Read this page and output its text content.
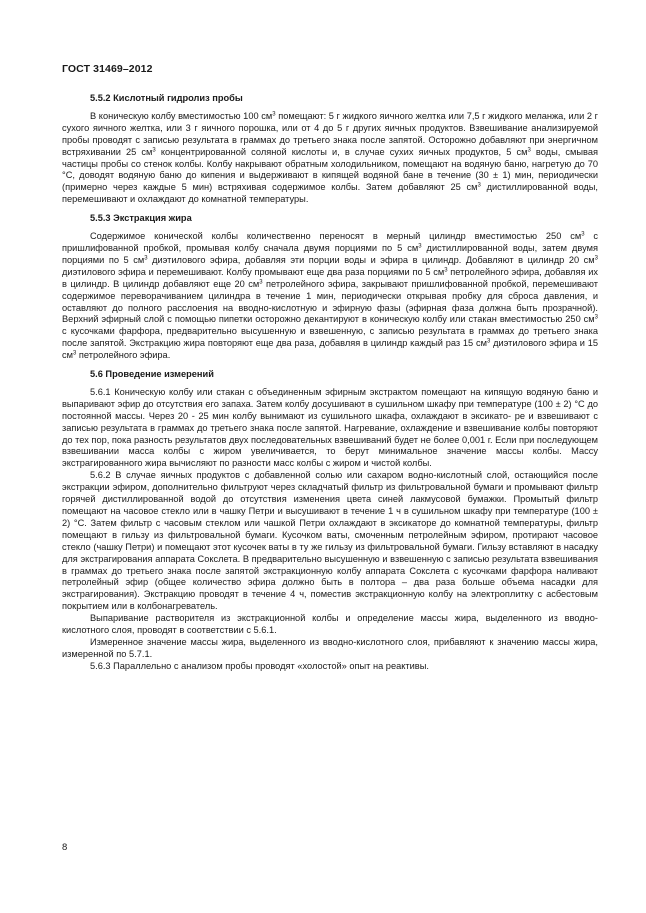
ГОСТ 31469–2012
5.5.2 Кислотный гидролиз пробы

В коническую колбу вместимостью 100 $см^3$ помещают: 5 г жидкого яичного желтка или 7,5 г жидкого меланжа, или 2 г сухого яичного желтка, или 3 г яичного порошка, или от 4 до 5 г других яичных продуктов. Взвешивание анализируемой пробы проводят с записью результата в граммах до третьего знака после запятой. Осторожно добавляют при энергичном встряхивании 25 $см^3$ концентрированной соляной кислоты и, в случае сухих яичных продуктов, 5 $см^3$ воды, смывая частицы пробы со стенок колбы. Колбу накрывают обратным холодильником, помещают на водяную баню, нагретую до 70 °С, доводят водяную баню до кипения и выдерживают в кипящей водяной бане в течение (30 ± 1) мин, периодически (примерно через каждые 5 мин) встряхивая содержимое колбы. Затем добавляют 25 $см^3$ дистиллированной воды, перемешивают и охлаждают до комнатной температуры.

5.5.3 Экстракция жира

Содержимое конической колбы количественно переносят в мерный цилиндр вместимостью 250 $см^3$ с пришлифованной пробкой, промывая колбу сначала двумя порциями по 5 $см^3$ дистиллированной воды, затем двумя порциями по 5 $см^3$ диэтилового эфира, добавляя эти порции воды и эфира в цилиндр. Добавляют в цилиндр 20 $см^3$ диэтилового эфира и перемешивают. Колбу промывают еще два раза порциями по 5 $см^3$ петролейного эфира, добавляя их в цилиндр. В цилиндр добавляют еще 20 $см^3$ петролейного эфира, закрывают пришлифованной пробкой, перемешивают содержимое переворачиванием цилиндра в течение 1 мин, периодически открывая пробку для сброса давления, и оставляют до полного расслоения на вводно-кислотную и эфирную фазы (эфирная фаза должна быть прозрачной). Верхний эфирный слой с помощью пипетки осторожно декантируют в коническую колбу или стакан вместимостью 250 $см^3$ с кусочками фарфора, предварительно высушенную и взвешенную, с записью результата в граммах до третьего знака после запятой. Экстракцию жира повторяют еще два раза, добавляя в цилиндр каждый раз 15 $см^3$ диэтилового эфира и 15 $см^3$ петролейного эфира.

5.6 Проведение измерений

5.6.1 Коническую колбу или стакан с объединенным эфирным экстрактом помещают на кипящую водяную баню и выпаривают эфир до отсутствия его запаха. Затем колбу досушивают в сушильном шкафу при температуре (100 ± 2) °С до постоянной массы. Через 20 - 25 мин колбу вынимают из сушильного шкафа, охлаждают в эксикато- ре и взвешивают с записью результата в граммах до третьего знака после запятой. Нагревание, охлаждение и взвешивание колбы повторяют до тех пор, пока разность результатов двух последовательных взвешиваний будет не более 0,001 г. Если при последующем взвешивании масса колбы с жиром увеличивается, то берут минимальное значение массы колбы. Массу экстрагированного жира вычисляют по разности масс колбы с жиром и чистой колбы.

5.6.2 В случае яичных продуктов с добавленной солью или сахаром водно-кислотный слой, остающийся после экстракции эфиром, дополнительно фильтруют через складчатый фильтр из фильтровальной бумаги и промывают фильтр горячей дистиллированной водой до отсутствия изменения цвета синей лакмусовой бумажки. Промытый фильтр помещают на часовое стекло или в чашку Петри и высушивают в течение 1 ч в сушильном шкафу при температуре (100 ± 2) °С. Затем фильтр с часовым стеклом или чашкой Петри охлаждают в эксикаторе до комнатной температуры, фильтр помещают в гильзу из фильтровальной бумаги. Кусочком ваты, смоченным петролейным эфиром, протирают часовое стекло (чашку Петри) и помещают этот кусочек ваты в ту же гильзу из фильтровальной бумаги. Гильзу вставляют в насадку для экстрагирования аппарата Сокслета. В предварительно высушенную и взвешенную с записью результата взвешивания в граммах до третьего знака после запятой экстракционную колбу аппарата Сокслета с кусочками фарфора наливают петролейный эфир (общее количество эфира должно быть в полтора – два раза больше объема насадки для экстрагирования). Экстракцию проводят в течение 4 ч, поместив экстракционную колбу на электроплитку с асбестовым покрытием или в колбонагреватель.

Выпаривание растворителя из экстракционной колбы и определение массы жира, выделенного из вводно-кислотного слоя, проводят в соответствии с 5.6.1.

Измеренное значение массы жира, выделенного из вводно-кислотного слоя, прибавляют к значению массы жира, измеренной по 5.7.1.

5.6.3 Параллельно с анализом пробы проводят «холостой» опыт на реактивы.

8
